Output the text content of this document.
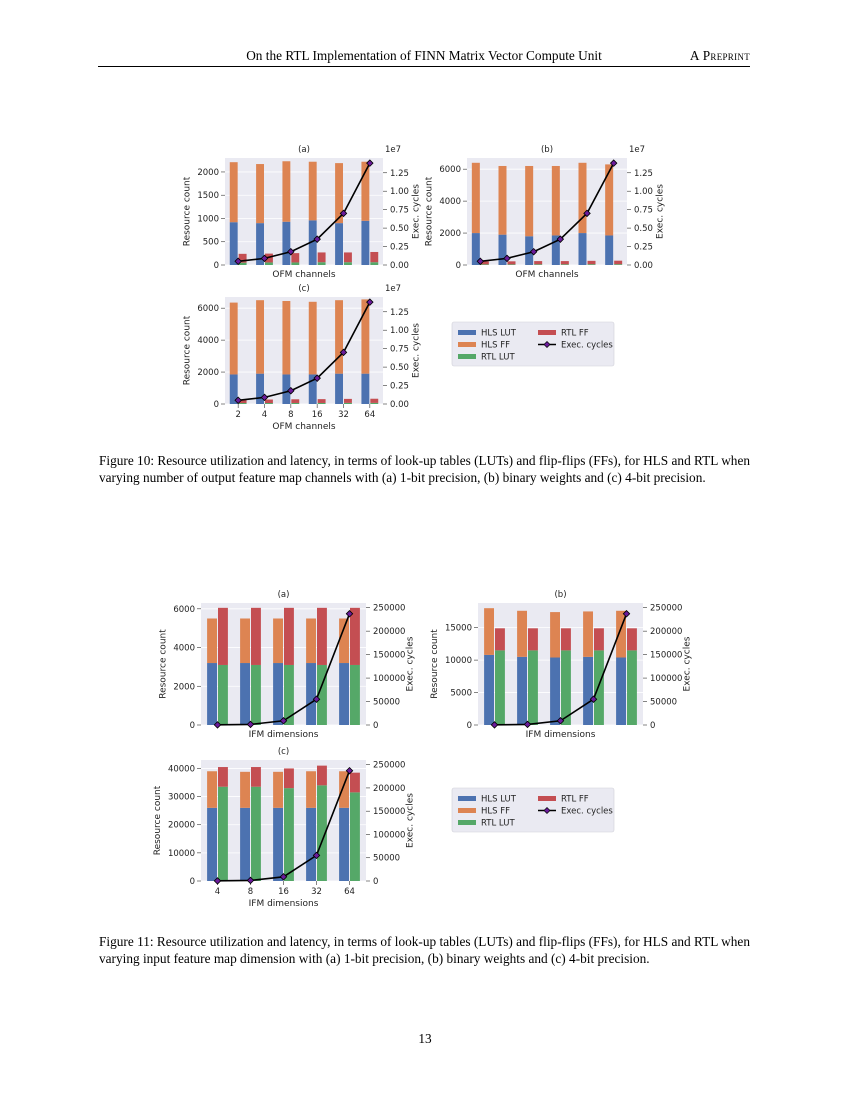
On the RTL Implementation of FINN Matrix Vector Compute Unit	A Preprint
0
500
1000
1500
2000
0.00
0.25
0.50
0.75
1.00
1.25
1e7
(a)
OFM channels
Resource count	Exec. cycles
0
2000
4000
6000
0.00
0.25
0.50
0.75
1.00
1.25
1e7
(b)
OFM channels
Resource count	Exec. cycles
0
2000
4000
6000
0.00
0.25
0.50
0.75
1.00
1.25
1e7
2 4 8 16 32 64
(c)
OFM channels
Resource count	Exec. cycles	HLS LUT
HLS FF
RTL LUT
RTL FF
Exec. cycles
Figure 10: Resource utilization and latency, in terms of look-up tables (LUTs) and flip-flips (FFs), for HLS and RTL when varying number of output feature map channels with (a) 1-bit precision, (b) binary weights and (c) 4-bit precision.
0
2000
4000
6000
0
50000
100000
150000
200000
250000
(a)
IFM dimensions
Resource count	Exec. cycles
0
5000
10000
15000
0
50000
100000
150000
200000
250000
(b)
IFM dimensions
Resource count	Exec. cycles
0
10000
20000
30000
40000
0
50000
100000
150000
200000
250000
4	8	16	32	64
(c)
IFM dimensions
Resource count	Exec. cycles	HLS LUT
HLS FF
RTL LUT
RTL FF
Exec. cycles
Figure 11: Resource utilization and latency, in terms of look-up tables (LUTs) and flip-flips (FFs), for HLS and RTL when varying input feature map dimension with (a) 1-bit precision, (b) binary weights and (c) 4-bit precision.
13
